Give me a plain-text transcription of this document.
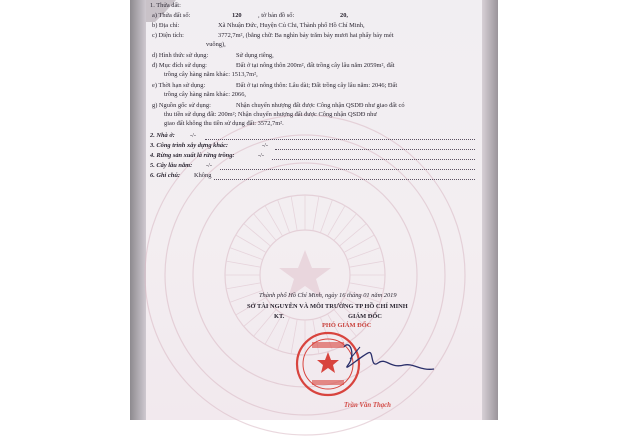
1. Thửa đất:
a) Thửa đất số:	120	, tờ bản đồ số:	20,
b) Địa chỉ:	Xã Nhuận Đức, Huyện Củ Chi, Thành phố Hồ Chí Minh,
c) Diện tích:	3772,7m², (bằng chữ: Ba nghìn bảy trăm bảy mươi hai phẩy bảy mét
vuông),
d) Hình thức sử dụng:	Sử dụng riêng,
đ) Mục đích sử dụng:	Đất ở tại nông thôn 200m², đất trồng cây lâu năm 2059m², đất
trồng cây hàng năm khác: 1513,7m²,
e) Thời hạn sử dụng:	Đất ở tại nông thôn: Lâu dài; Đất trồng cây lâu năm: 2046; Đất
trồng cây hàng năm khác: 2066,
g) Nguồn gốc sử dụng:	Nhận chuyển nhượng đất được Công nhận QSDĐ như giao đất có
thu tiền sử dụng đất: 200m²; Nhận chuyển nhượng đất được Công nhận QSDĐ như
giao đất không thu tiền sử dụng đất: 3572,7m².
2. Nhà ở: -/-
3. Công trình xây dựng khác:	-/-
4. Rừng sản xuất là rừng trồng:	-/-
5. Cây lâu năm: -/-
6. Ghi chú: Không
Thành phố Hồ Chí Minh, ngày 16 tháng 01 năm 2019
SỞ TÀI NGUYÊN VÀ MÔI TRƯỜNG TP HỒ CHÍ MINH
KT.	GIÁM ĐỐC
PHÓ GIÁM ĐỐC
Trần Văn Thạch
